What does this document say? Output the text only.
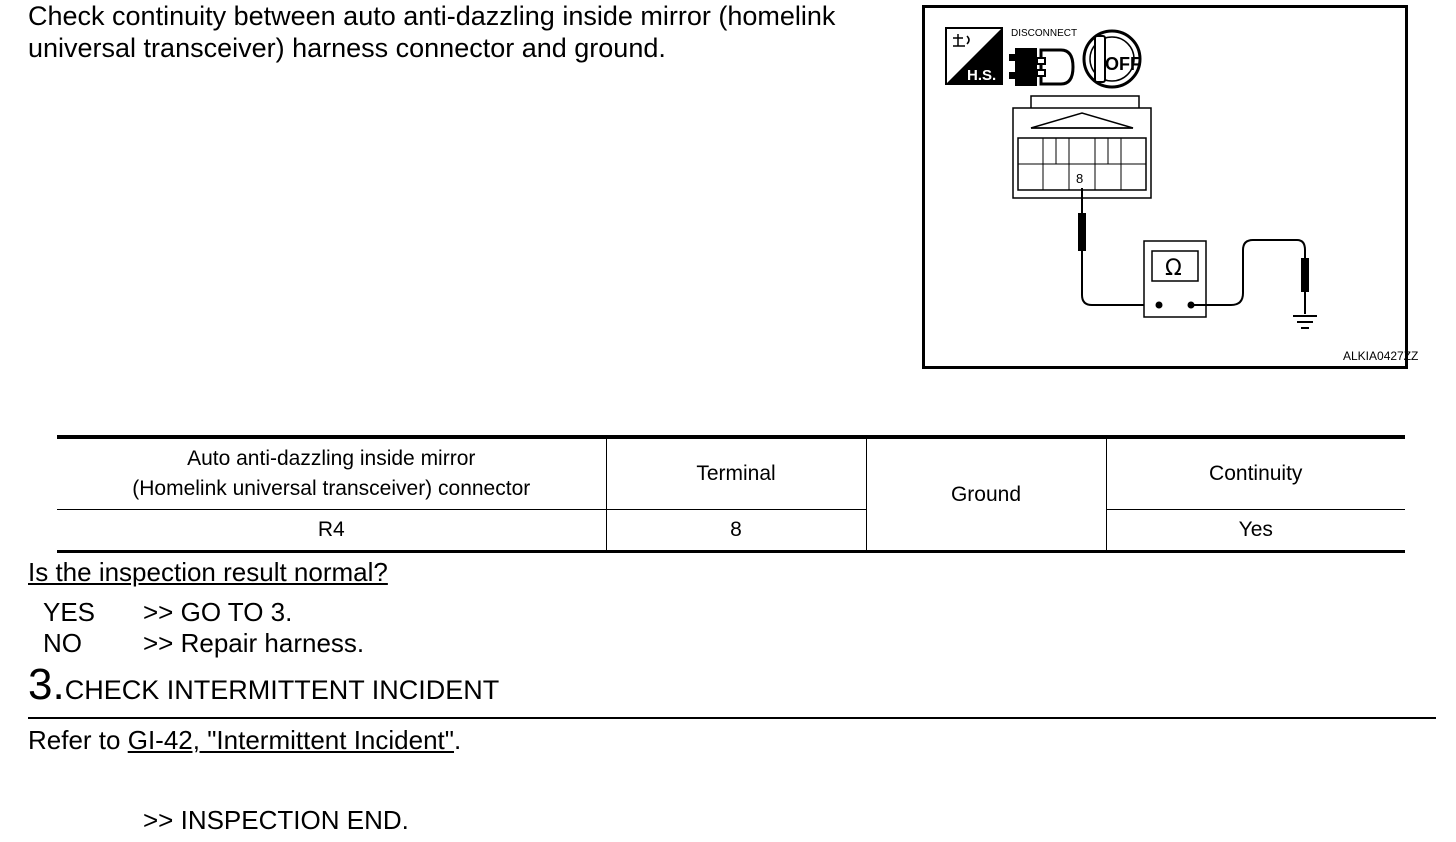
Check continuity between auto anti-dazzling inside mirror (homelink universal transceiver) harness connector and ground.

H.S.
DISCONNECT
OFF
8
Ω
ALKIA0427ZZ
Auto anti-dazzling inside mirror
(Homelink universal transceiver) connector	Terminal	Ground	Continuity
R4	8		Yes

Is the inspection result normal?

YES >> GO TO 3.

NO >> Repair harness.

3.CHECK INTERMITTENT INCIDENT

Refer to GI-42, "Intermittent Incident".

>> INSPECTION END.
